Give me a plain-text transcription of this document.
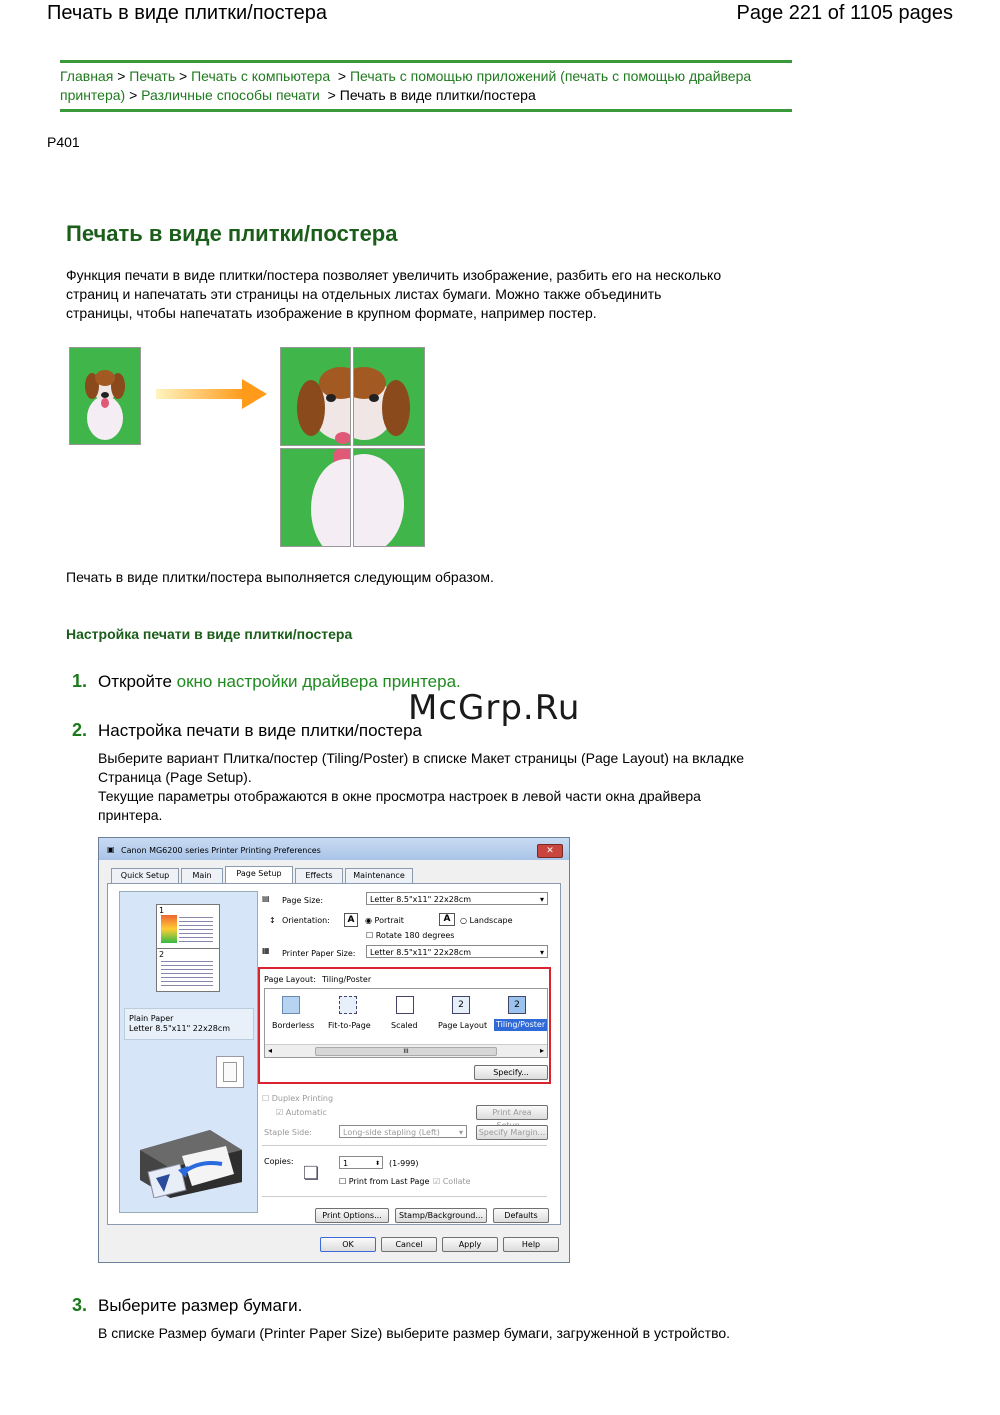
Печать в виде плитки/постера	Page 221 of 1105 pages
Главная > Печать > Печать с компьютера > Печать с помощью приложений (печать с помощью драйвера принтера) > Различные способы печати > Печать в виде плитки/постера
P401
Печать в виде плитки/постера
Функция печати в виде плитки/постера позволяет увеличить изображение, разбить его на несколько страниц и напечатать эти страницы на отдельных листах бумаги. Можно также объединить страницы, чтобы напечатать изображение в крупном формате, например постер.
Печать в виде плитки/постера выполняется следующим образом.
Настройка печати в виде плитки/постера
1. Откройте окно настройки драйвера принтера.
McGrp.Ru
2. Настройка печати в виде плитки/постера
Выберите вариант Плитка/постер (Tiling/Poster) в списке Макет страницы (Page Layout) на вкладке Страница (Page Setup).
Текущие параметры отображаются в окне просмотра настроек в левой части окна драйвера принтера.
▣ Canon MG6200 series Printer Printing Preferences	✕
Quick Setup	Main	Page Setup	Effects	Maintenance
1
2
Plain Paper
Letter 8.5"x11" 22x28cm
▤ Page Size:	Letter 8.5"x11" 22x28cm	▾
↕ Orientation:	A	◉ Portrait	A	○ Landscape
☐ Rotate 180 degrees
▦ Printer Paper Size:	Letter 8.5"x11" 22x28cm	▾
Page Layout: Tiling/Poster
Borderless Fit-to-Page	Scaled
2
Page Layout
2
Tiling/Poster
◂	III	▸
Specify...
☐ Duplex Printing
☑ Automatic	Print Area
Staple Side:	Long-side stapling (Left) ▾	Specify Margin...
Copies:	1	⬍ (1-999)
❏ ☐ Print from Last Page ☑ Collate
Print Options...	Stamp/Background...	Defaults
OK	Cancel	Apply	Help
3. Выберите размер бумаги.
В списке Размер бумаги (Printer Paper Size) выберите размер бумаги, загруженной в устройство.
